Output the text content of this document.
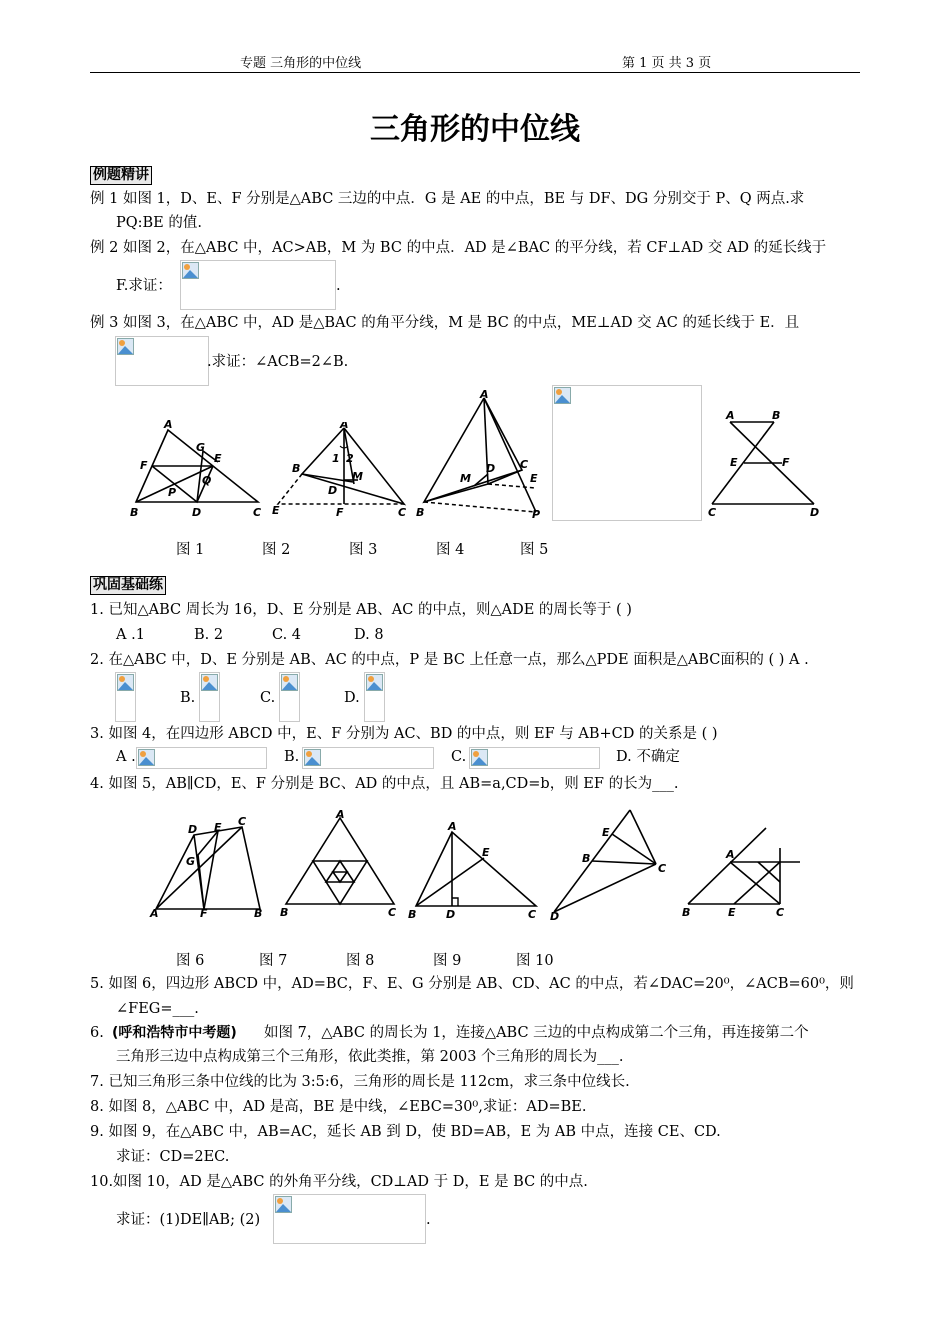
专题 三角形的中位线	第 1 页 共 3 页
三角形的中位线
例题精讲
例 1 如图 1，D、E、F 分别是△ABC 三边的中点．G 是 AE 的中点，BE 与 DF、DG 分别交于 P、Q 两点.求
PQ:BE 的值.
例 2 如图 2，在△ABC 中，AC>AB，M 为 BC 的中点．AD 是∠BAC 的平分线，若 CF⊥AD 交 AD 的延长线于
F.求证：	.
例 3 如图 3，在△ABC 中，AD 是△BAC 的角平分线，M 是 BC 的中点，ME⊥AD 交 AC 的延长线于 E．且
.求证：∠ACB=2∠B.
A
G
E
F
Q
P
B	D	C
A
1 2
B
M
D
E	F	C
A
C
M
D
E
B	P
A	B
E	F
C	D
图 1	图 2	图 3	图 4	图 5
巩固基础练
1. 已知△ABC 周长为 16，D、E 分别是 AB、AC 的中点，则△ADE 的周长等于 ( )
A .1	B. 2	C. 4	D. 8
2. 在△ABC 中，D、E 分别是 AB、AC 的中点，P 是 BC 上任意一点，那么△PDE 面积是△ABC面积的 ( ) A .
B.	C.	D.
3. 如图 4，在四边形 ABCD 中，E、F 分别为 AC、BD 的中点，则 EF 与 AB+CD 的关系是 ( )
A .	B.	C.	D. 不确定
4. 如图 5，AB∥CD，E、F 分别是 BC、AD 的中点，且 AB=a,CD=b，则 EF 的长为___.
D E C
G
A	F	B
A
B	C
A
E
B	D	C
E
B
C
D
A
B	E	C
图 6	图 7	图 8	图 9	图 10
5. 如图 6，四边形 ABCD 中，AD=BC，F、E、G 分别是 AB、CD、AC 的中点，若∠DAC=20⁰，∠ACB=60⁰，则
∠FEG=___.
6. (呼和浩特市中考题) 如图 7，△ABC 的周长为 1，连接△ABC 三边的中点构成第二个三角，再连接第二个
三角形三边中点构成第三个三角形，依此类推，第 2003 个三角形的周长为___.
7. 已知三角形三条中位线的比为 3:5:6，三角形的周长是 112cm，求三条中位线长.
8. 如图 8，△ABC 中，AD 是高，BE 是中线，∠EBC=30⁰,求证：AD=BE.
9. 如图 9，在△ABC 中，AB=AC，延长 AB 到 D，使 BD=AB，E 为 AB 中点，连接 CE、CD.
求证：CD=2EC.
10.如图 10，AD 是△ABC 的外角平分线，CD⊥AD 于 D，E 是 BC 的中点.
求证：(1)DE∥AB; (2)	.
